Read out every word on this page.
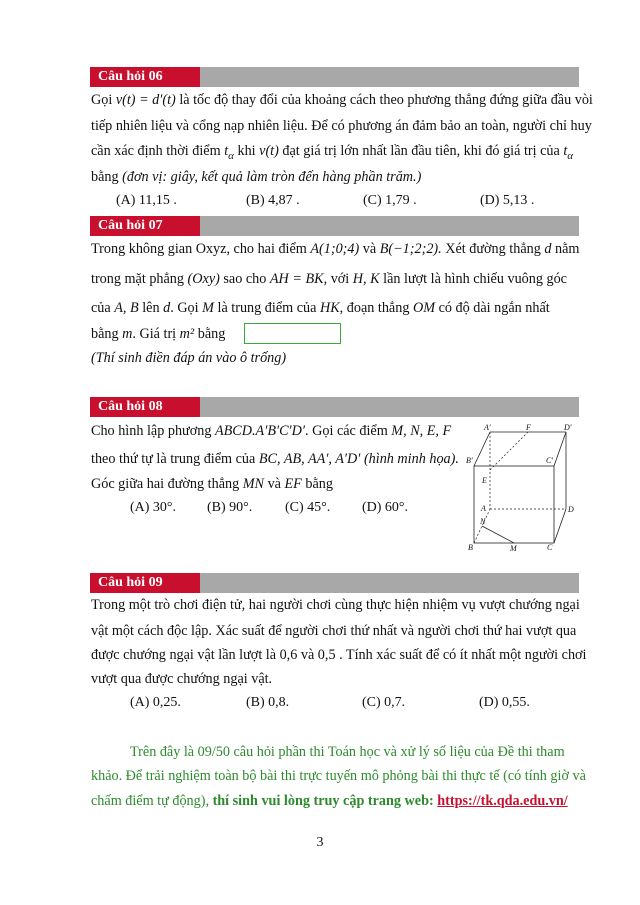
Câu hỏi 06
Gọi v(t) = d′(t) là tốc độ thay đổi của khoảng cách theo phương thẳng đứng giữa đầu vòi
tiếp nhiên liệu và cổng nạp nhiên liệu. Để có phương án đảm bảo an toàn, người chỉ huy
cần xác định thời điểm $t_\alpha$ khi v(t) đạt giá trị lớn nhất lần đầu tiên, khi đó giá trị của $t_\alpha$
bằng (đơn vị: giây, kết quả làm tròn đến hàng phần trăm.)
(A) 11,15 .	(B) 4,87 .	(C) 1,79 .	(D) 5,13 .
Câu hỏi 07
Trong không gian Oxyz, cho hai điểm A(1;0;4) và B(−1;2;2). Xét đường thẳng d nằm
trong mặt phẳng (Oxy) sao cho AH = BK, với H, K lần lượt là hình chiếu vuông góc
của A, B lên d. Gọi M là trung điểm của HK, đoạn thẳng OM có độ dài ngắn nhất
bằng m. Giá trị m² bằng
(Thí sinh điền đáp án vào ô trống)
Câu hỏi 08
Cho hình lập phương ABCD.A′B′C′D′. Gọi các điểm M, N, E, F
theo thứ tự là trung điểm của BC, AB, AA′, A′D′ (hình minh họa).
Góc giữa hai đường thẳng MN và EF bằng
(A) 30°. (B) 90°. (C) 45°. (D) 60°.
A′	F	D′
B′	C′
E
A	D
N
B	M	C
Câu hỏi 09
Trong một trò chơi điện tử, hai người chơi cùng thực hiện nhiệm vụ vượt chướng ngại
vật một cách độc lập. Xác suất để người chơi thứ nhất và người chơi thứ hai vượt qua
được chướng ngại vật lần lượt là 0,6 và 0,5 . Tính xác suất để có ít nhất một người chơi
vượt qua được chướng ngại vật.
(A) 0,25.	(B) 0,8.	(C) 0,7.	(D) 0,55.
Trên đây là 09/50 câu hỏi phần thi Toán học và xử lý số liệu của Đề thi tham
khảo. Để trải nghiệm toàn bộ bài thi trực tuyến mô phỏng bài thi thực tế (có tính giờ và
chấm điểm tự động), thí sinh vui lòng truy cập trang web: https://tk.qda.edu.vn/
3
